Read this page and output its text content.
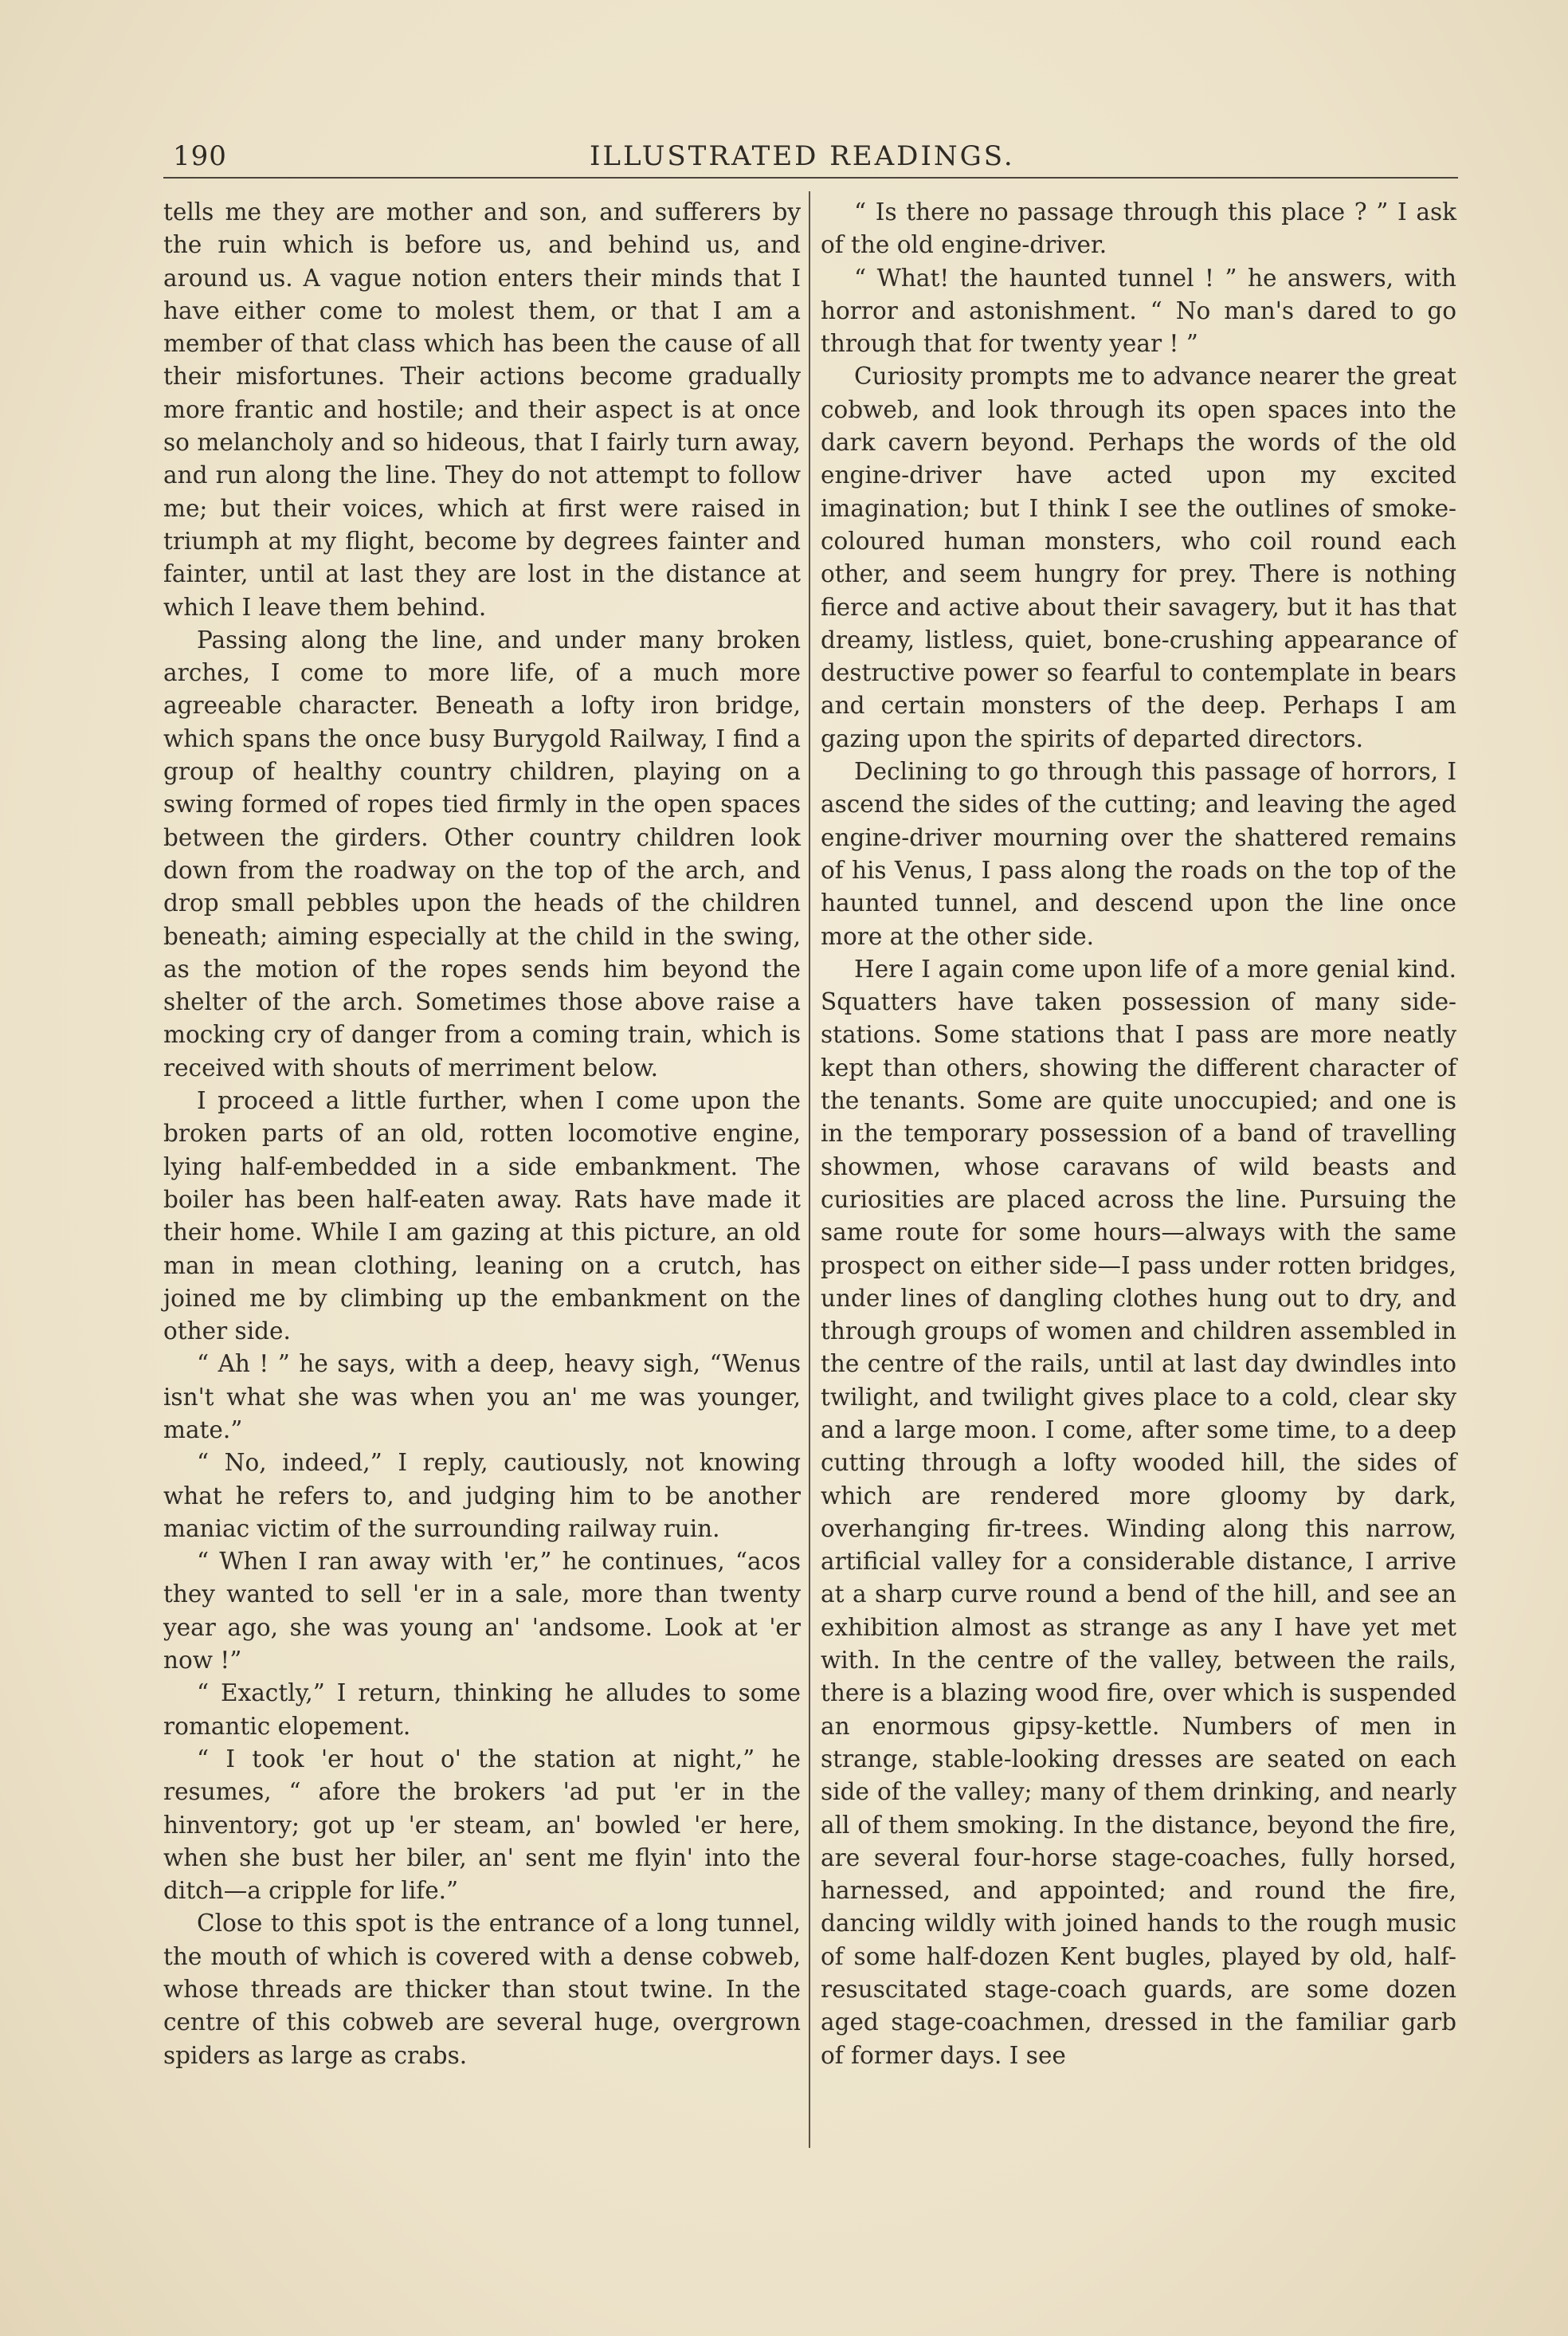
190	ILLUSTRATED READINGS.

tells me they are mother and son, and sufferers by the ruin which is before us, and behind us, and around us. A vague notion enters their minds that I have either come to molest them, or that I am a member of that class which has been the cause of all their misfortunes. Their actions become gradually more frantic and hostile; and their aspect is at once so melancholy and so hideous, that I fairly turn away, and run along the line. They do not attempt to follow me; but their voices, which at first were raised in triumph at my flight, become by degrees fainter and fainter, until at last they are lost in the distance at which I leave them behind.

Passing along the line, and under many broken arches, I come to more life, of a much more agreeable character. Beneath a lofty iron bridge, which spans the once busy Burygold Railway, I find a group of healthy country children, playing on a swing formed of ropes tied firmly in the open spaces between the girders. Other country children look down from the roadway on the top of the arch, and drop small pebbles upon the heads of the children beneath; aiming especially at the child in the swing, as the motion of the ropes sends him beyond the shelter of the arch. Sometimes those above raise a mocking cry of danger from a coming train, which is received with shouts of merriment below.

I proceed a little further, when I come upon the broken parts of an old, rotten locomotive engine, lying half-embedded in a side embankment. The boiler has been half-eaten away. Rats have made it their home. While I am gazing at this picture, an old man in mean clothing, leaning on a crutch, has joined me by climbing up the embankment on the other side.

“ Ah ! ” he says, with a deep, heavy sigh, “Wenus isn't what she was when you an' me was younger, mate.”

“ No, indeed,” I reply, cautiously, not knowing what he refers to, and judging him to be another maniac victim of the surrounding railway ruin.

“ When I ran away with 'er,” he continues, “acos they wanted to sell 'er in a sale, more than twenty year ago, she was young an' 'andsome. Look at 'er now !”

“ Exactly,” I return, thinking he alludes to some romantic elopement.

“ I took 'er hout o' the station at night,” he resumes, “ afore the brokers 'ad put 'er in the hinventory; got up 'er steam, an' bowled 'er here, when she bust her biler, an' sent me flyin' into the ditch—a cripple for life.”

Close to this spot is the entrance of a long tunnel, the mouth of which is covered with a dense cobweb, whose threads are thicker than stout twine. In the centre of this cobweb are several huge, overgrown spiders as large as crabs.

“ Is there no passage through this place ? ” I ask of the old engine-driver.

“ What! the haunted tunnel ! ” he answers, with horror and astonishment. “ No man's dared to go through that for twenty year ! ”

Curiosity prompts me to advance nearer the great cobweb, and look through its open spaces into the dark cavern beyond. Perhaps the words of the old engine-driver have acted upon my excited imagination; but I think I see the outlines of smoke-coloured human monsters, who coil round each other, and seem hungry for prey. There is nothing fierce and active about their savagery, but it has that dreamy, listless, quiet, bone-crushing appearance of destructive power so fearful to contemplate in bears and certain monsters of the deep. Perhaps I am gazing upon the spirits of departed directors.

Declining to go through this passage of horrors, I ascend the sides of the cutting; and leaving the aged engine-driver mourning over the shattered remains of his Venus, I pass along the roads on the top of the haunted tunnel, and descend upon the line once more at the other side.

Here I again come upon life of a more genial kind. Squatters have taken possession of many side-stations. Some stations that I pass are more neatly kept than others, showing the different character of the tenants. Some are quite unoccupied; and one is in the temporary possession of a band of travelling showmen, whose caravans of wild beasts and curiosities are placed across the line. Pursuing the same route for some hours—always with the same prospect on either side—I pass under rotten bridges, under lines of dangling clothes hung out to dry, and through groups of women and children assembled in the centre of the rails, until at last day dwindles into twilight, and twilight gives place to a cold, clear sky and a large moon. I come, after some time, to a deep cutting through a lofty wooded hill, the sides of which are rendered more gloomy by dark, overhanging fir-trees. Winding along this narrow, artificial valley for a considerable distance, I arrive at a sharp curve round a bend of the hill, and see an exhibition almost as strange as any I have yet met with. In the centre of the valley, between the rails, there is a blazing wood fire, over which is suspended an enormous gipsy-kettle. Numbers of men in strange, stable-looking dresses are seated on each side of the valley; many of them drinking, and nearly all of them smoking. In the distance, beyond the fire, are several four-horse stage-coaches, fully horsed, harnessed, and appointed; and round the fire, dancing wildly with joined hands to the rough music of some half-dozen Kent bugles, played by old, half-resuscitated stage-coach guards, are some dozen aged stage-coachmen, dressed in the familiar garb of former days. I see
